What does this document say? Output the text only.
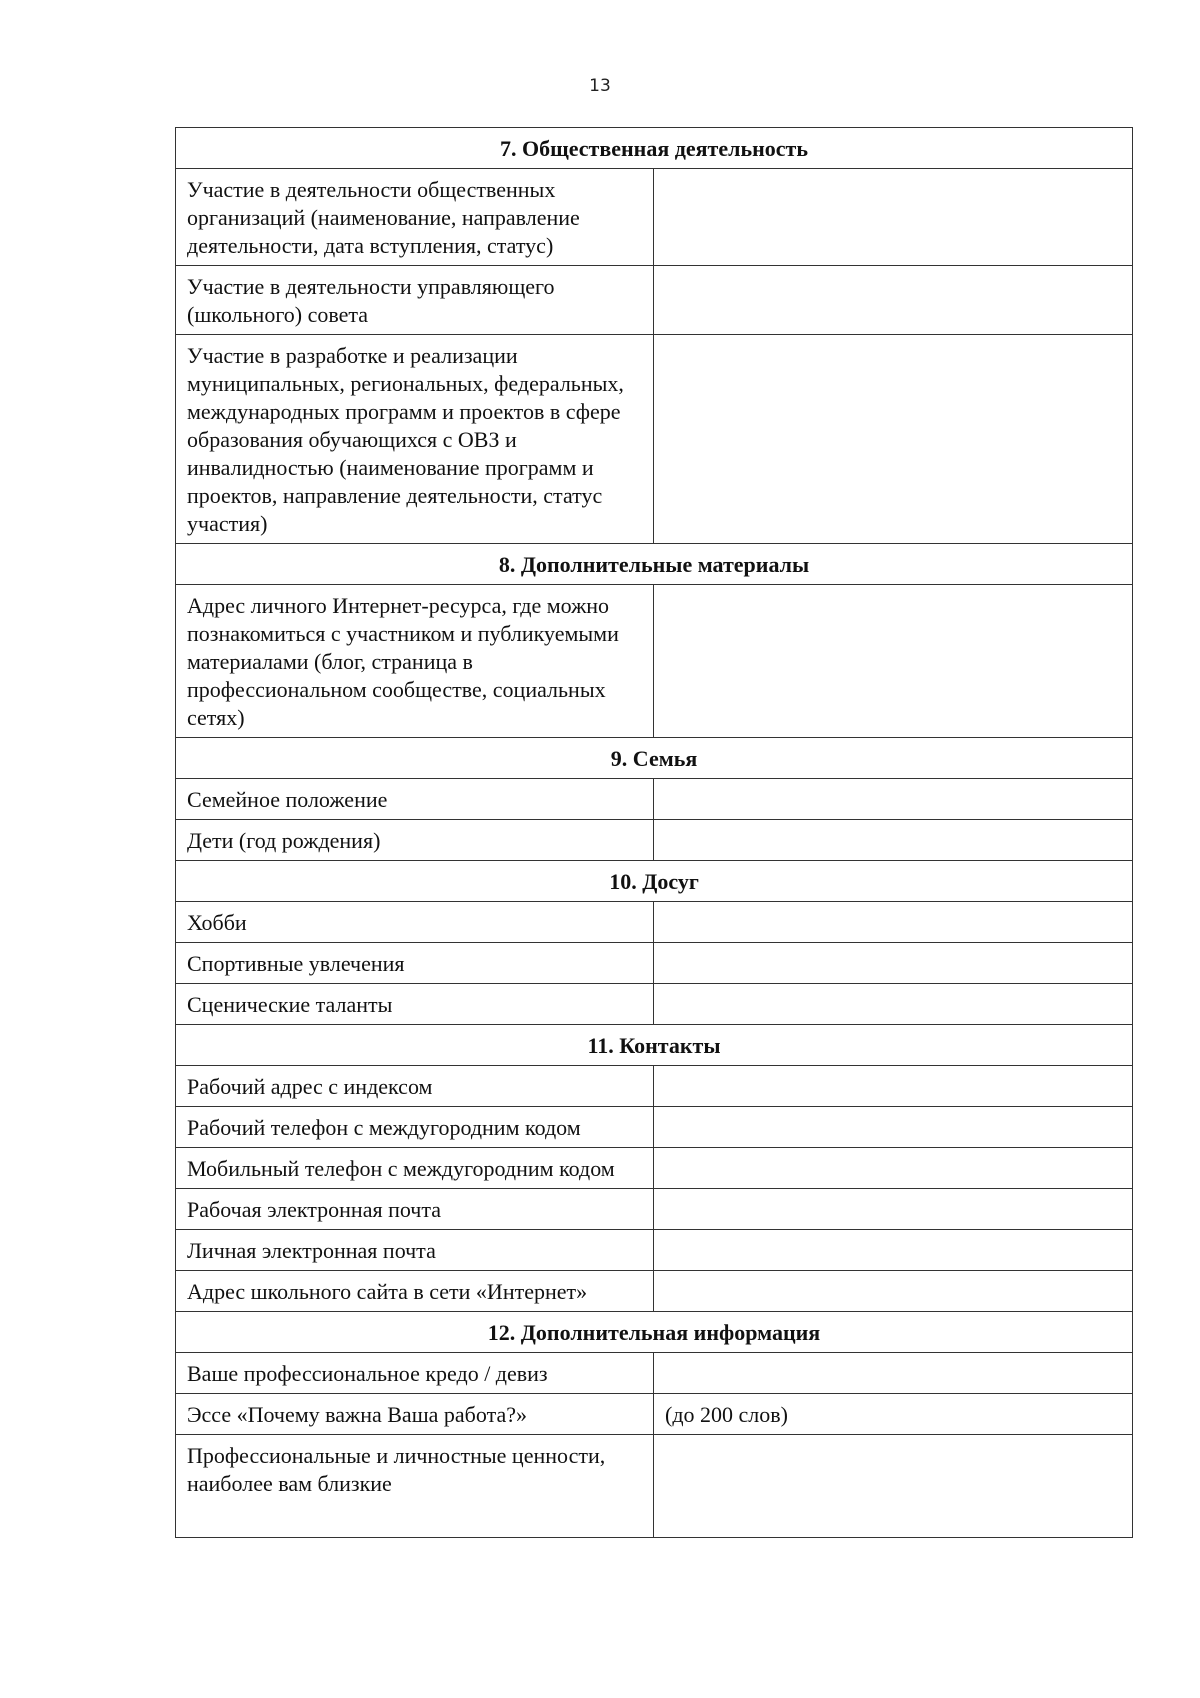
13
7. Общественная деятельность	
Участие в деятельности общественных организаций (наименование, направление деятельности, дата вступления, статус)	
Участие в деятельности управляющего (школьного) совета	
Участие в разработке и реализации муниципальных, региональных, федеральных, международных программ и проектов в сфере образования обучающихся с ОВЗ и инвалидностью (наименование программ и проектов, направление деятельности, статус участия)	
8. Дополнительные материалы	
Адрес личного Интернет-ресурса, где можно познакомиться с участником и публикуемыми материалами (блог, страница в профессиональном сообществе, социальных сетях)	
9. Семья	
Семейное положение	
Дети (год рождения)	
10. Досуг	
Хобби	
Спортивные увлечения	
Сценические таланты	
11. Контакты	
Рабочий адрес с индексом	
Рабочий телефон с междугородним кодом	
Мобильный телефон с междугородним кодом	
Рабочая электронная почта	
Личная электронная почта	
Адрес школьного сайта в сети «Интернет»	
12. Дополнительная информация	
Ваше профессиональное кредо / девиз	
Эссе «Почему важна Ваша работа?»	(до 200 слов)
Профессиональные и личностные ценности, наиболее вам близкие	
